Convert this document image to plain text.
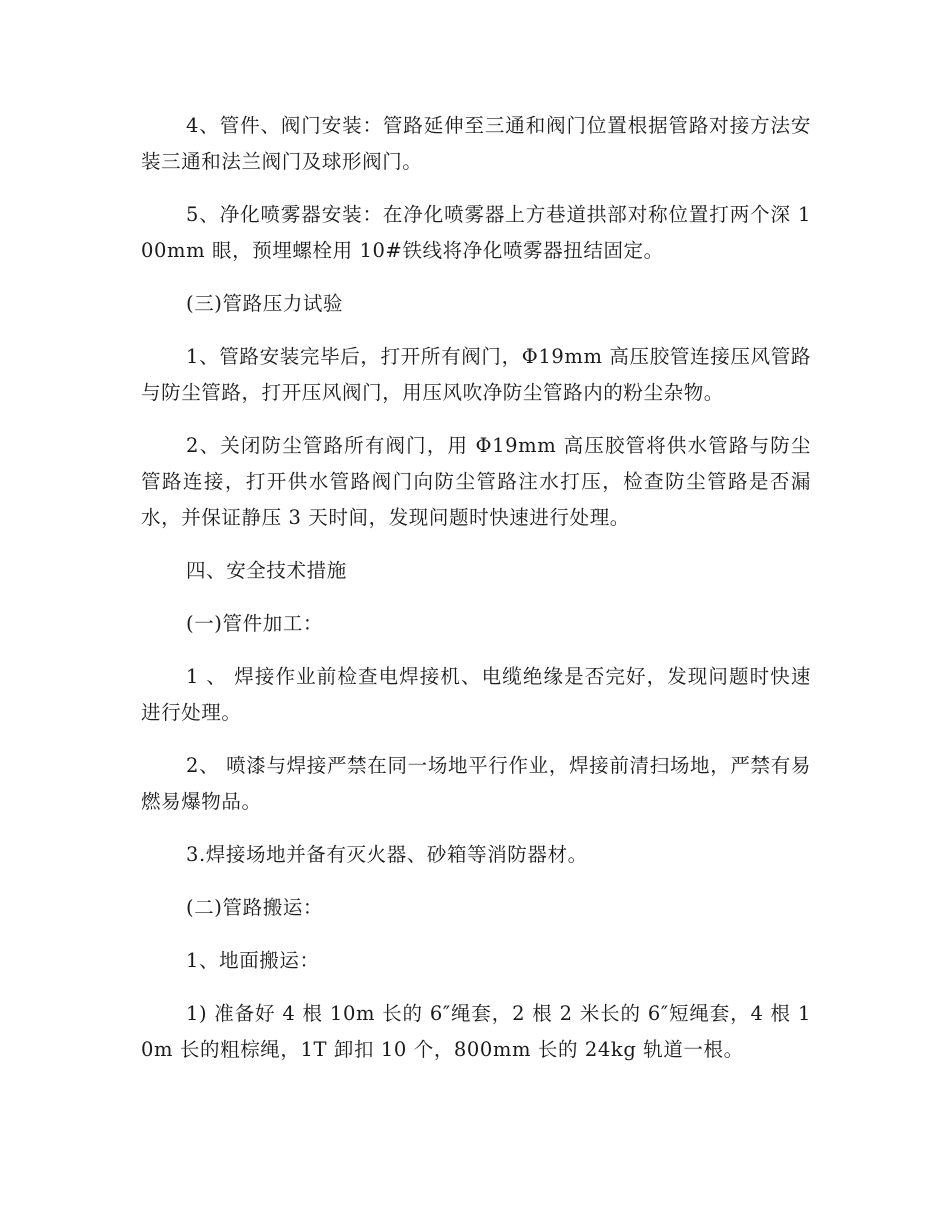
4、管件、阀门安装：管路延伸至三通和阀门位置根据管路对接方法安装三通和法兰阀门及球形阀门。

5、净化喷雾器安装：在净化喷雾器上方巷道拱部对称位置打两个深 100mm 眼，预埋螺栓用 10#铁线将净化喷雾器扭结固定。

(三)管路压力试验

1、管路安装完毕后，打开所有阀门，Φ19mm 高压胶管连接压风管路与防尘管路，打开压风阀门，用压风吹净防尘管路内的粉尘杂物。

2、关闭防尘管路所有阀门，用 Φ19mm 高压胶管将供水管路与防尘管路连接，打开供水管路阀门向防尘管路注水打压，检查防尘管路是否漏水，并保证静压 3 天时间，发现问题时快速进行处理。

四、安全技术措施

(一)管件加工：

1 、 焊接作业前检查电焊接机、电缆绝缘是否完好，发现问题时快速进行处理。

2、 喷漆与焊接严禁在同一场地平行作业，焊接前清扫场地，严禁有易燃易爆物品。

3.焊接场地并备有灭火器、砂箱等消防器材。

(二)管路搬运：

1、地面搬运：

1) 准备好 4 根 10m 长的 6″绳套，2 根 2 米长的 6″短绳套，4 根 10m 长的粗棕绳，1T 卸扣 10 个，800mm 长的 24kg 轨道一根。
